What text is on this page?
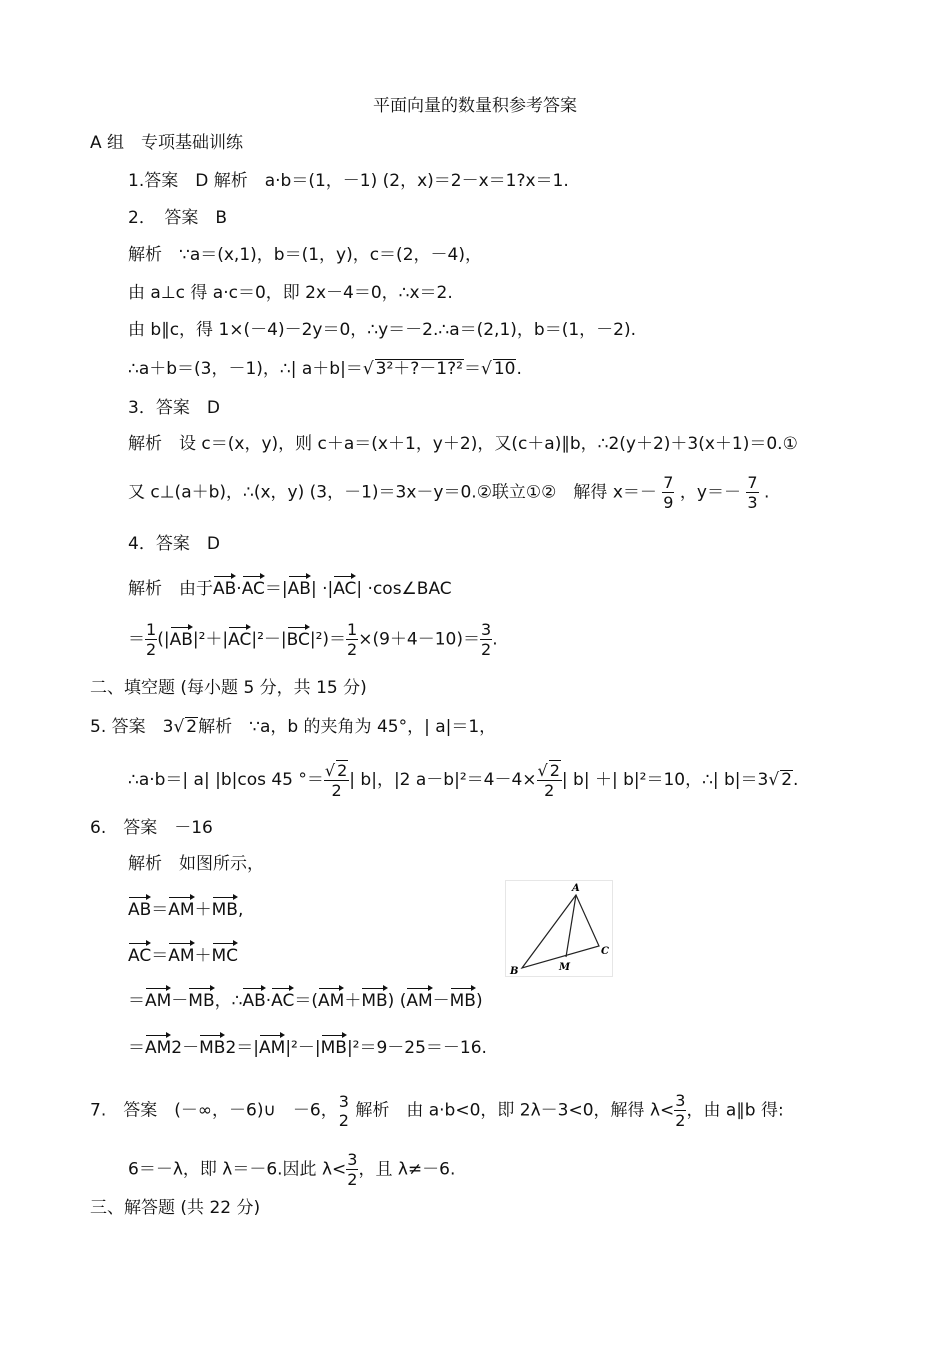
平面向量的数量积参考答案
A 组　专项基础训练
1.答案　D 解析　a·b＝(1，－1) (2，x)＝2－x＝1?x＝1.
2．　答案　B
解析　∵a＝(x,1)，b＝(1，y)，c＝(2，－4)，
由 a⊥c 得 a·c＝0，即 2x－4＝0，∴x＝2.
由 b∥c，得 1×(－4)－2y＝0，∴y＝－2.∴a＝(2,1)，b＝(1，－2).
∴a＋b＝(3，－1)，∴| a＋b|＝√ 3²＋?－1?²＝√ 10.
3．答案　D
解析　设 c＝(x，y)，则 c＋a＝(x＋1，y＋2)，又(c＋a)∥b，∴2(y＋2)＋3(x＋1)＝0.①
又 c⊥(a＋b)，∴(x，y) (3，－1)＝3x－y＝0.②联立①②　解得 $x=- \frac{7}{9}$ ，$y=- \frac{7}{3}$ .
4．答案　D
解析　由于AB·AC＝|AB| ·|AC| ·cos∠BAC
＝ $\frac{1}{2} (|AB|^2+|AC|^2-|BC|^2)= \frac{1}{2} \times(9+4-10)= \frac{3}{2}$ .
二、填空题 (每小题 5 分，共 15 分)
5. 答案　3√ 2解析　∵a，b 的夹角为 45°，| a|＝1，
∴a·b＝| a| |b|cos 45 °＝ $\frac{√ 2}{2}$ | b|，|2 $a-b|^2=4-4\times \frac{√ 2}{2}$ | b| ＋| b|²＝10，∴| b|＝3√ 2.
6.　答案　－16
解析　如图所示，
AB＝AM＋MB,
AC＝AM＋MC
＝AM－MB，∴AB·AC＝(AM＋MB) (AM－MB)
＝AM2－MB2＝|AM|²－|MB|²＝9－25＝－16.
A
B
C
M
7.　答案　(－∞，－6)∪　－6， 3
2 解析　由 a·b<0，即 2λ－3<0，解得 $\lambda< \frac{3}{2}$ ，由 a∥b 得:
6＝－λ，即 λ＝－6.因此 $\lambda< \frac{3}{2}$ ，且 λ≠－6.
三、解答题 (共 22 分)
